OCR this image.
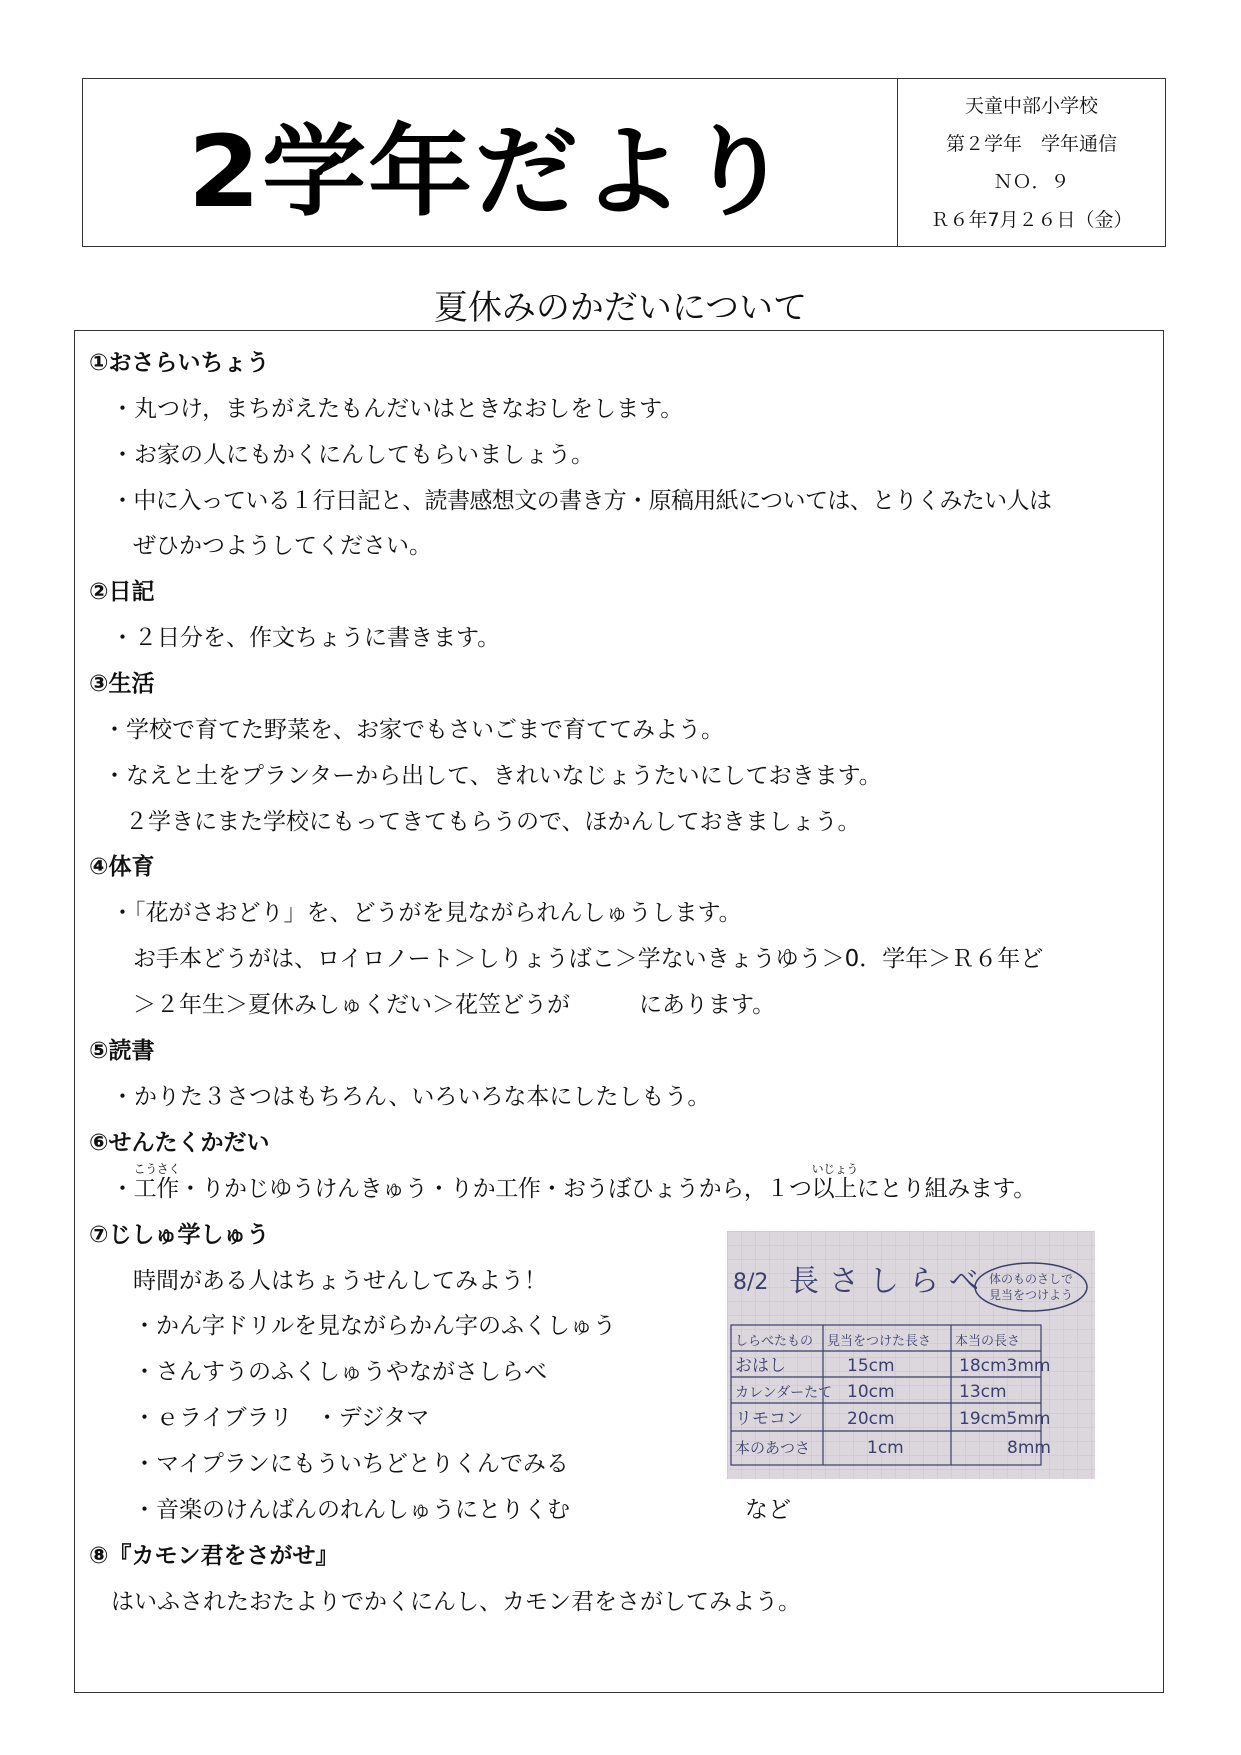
2学年だより
天童中部小学校
第２学年　学年通信
ＮＯ．９
Ｒ６年7月２６日（金）
夏休みのかだいについて
①おさらいちょう
・丸つけ，まちがえたもんだいはときなおしをします。
・お家の人にもかくにんしてもらいましょう。
・中に入っている１行日記と、読書感想文の書き方・原稿用紙については、とりくみたい人は
ぜひかつようしてください。
②日記
・２日分を、作文ちょうに書きます。
③生活
・学校で育てた野菜を、お家でもさいごまで育ててみよう。
・なえと土をプランターから出して、きれいなじょうたいにしておきます。
２学きにまた学校にもってきてもらうので、ほかんしておきましょう。
④体育
・「花がさおどり」を、どうがを見ながられんしゅうします。
お手本どうがは、ロイロノート＞しりょうばこ＞学ないきょうゆう＞0．学年＞Ｒ６年ど
＞２年生＞夏休みしゅくだい＞花笠どうが　　　にあります。
⑤読書
・かりた３さつはもちろん、いろいろな本にしたしもう。
⑥せんたくかだい
・
こうさく
工作・りかじゆうけんきゅう・りか工作・おうぼひょうから，１つ
いじょう
以上にとり組みます。
⑦じしゅ学しゅう
時間がある人はちょうせんしてみよう！
・かん字ドリルを見ながらかん字のふくしゅう
・さんすうのふくしゅうやながさしらべ
・ｅライブラリ　・デジタマ
・マイプランにもういちどとりくんでみる
・音楽のけんばんのれんしゅうにとりくむ	など
8/2 長さしらべ 体のものさしで
見当をつけよう
しらべたもの 見当をつけた長さ 本当の長さ
おはし	15cm	18cm3mm
カレンダーたて 10cm	13cm
リモコン	20cm	19cm5mm
本のあつさ	1cm	8mm
⑧『カモン君をさがせ』
はいふされたおたよりでかくにんし、カモン君をさがしてみよう。
